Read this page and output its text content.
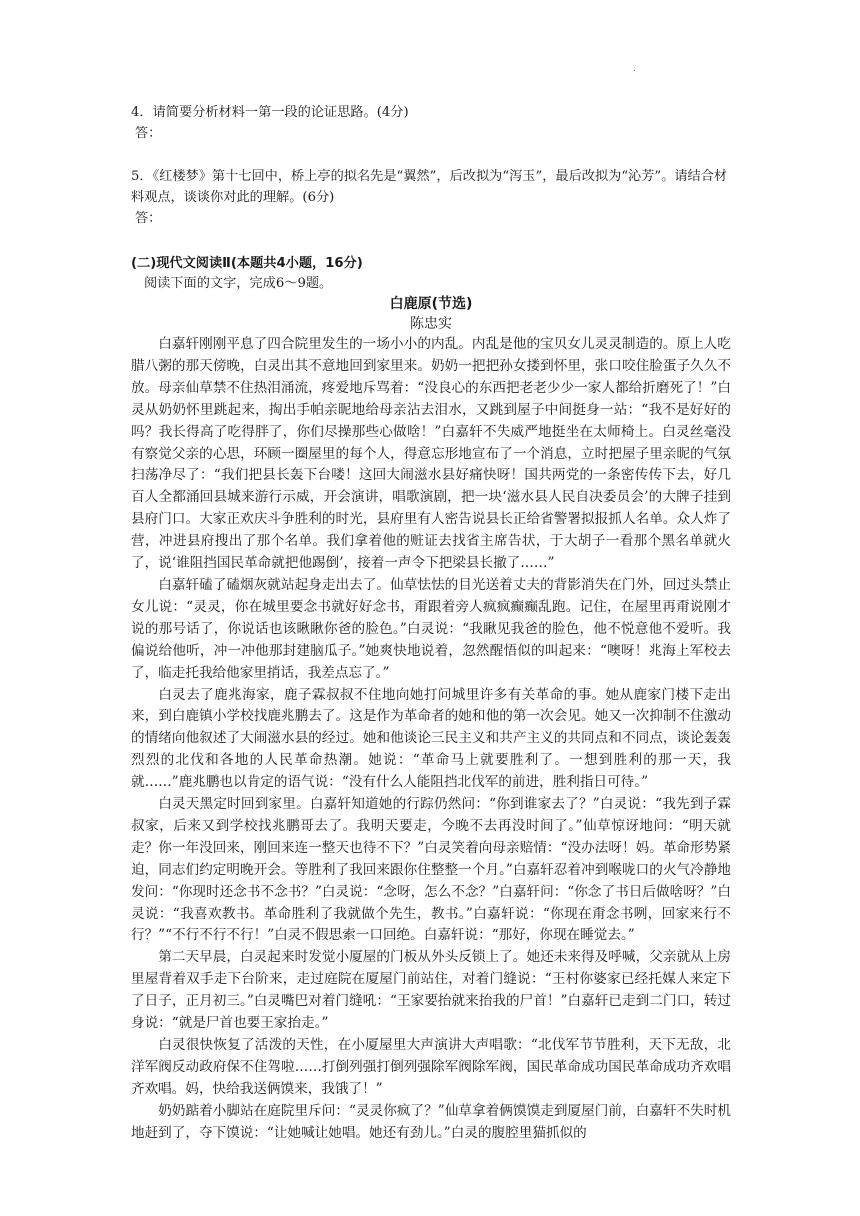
.

4．请简要分析材料一第一段的论证思路。(4分)

答：

5．《红楼梦》第十七回中，桥上亭的拟名先是“翼然”，后改拟为“泻玉”，最后改拟为“沁芳”。请结合材料观点，谈谈你对此的理解。(6分)

答：

(二)现代文阅读Ⅱ(本题共4小题，16分)

阅读下面的文字，完成6～9题。

白鹿原(节选)

陈忠实

白嘉轩刚刚平息了四合院里发生的一场小小的内乱。内乱是他的宝贝女儿灵灵制造的。原上人吃腊八粥的那天傍晚，白灵出其不意地回到家里来。奶奶一把把孙女搂到怀里，张口咬住脸蛋子久久不放。母亲仙草禁不住热泪涌流，疼爱地斥骂着：“没良心的东西把老老少少一家人都给折磨死了！”白灵从奶奶怀里跳起来，掏出手帕亲昵地给母亲沾去泪水，又跳到屋子中间挺身一站：“我不是好好的吗？我长得高了吃得胖了，你们尽操那些心做啥！”白嘉轩不失威严地挺坐在太师椅上。白灵丝毫没有察觉父亲的心思，环顾一圈屋里的每个人，得意忘形地宣布了一个消息，立时把屋子里亲昵的气氛扫荡净尽了：“我们把县长轰下台喽！这回大闹滋水县好痛快呀！国共两党的一条密传传下去，好几百人全都涌回县城来游行示威，开会演讲，唱歌演剧，把一块‘滋水县人民自决委员会’的大牌子挂到县府门口。大家正欢庆斗争胜利的时光，县府里有人密告说县长正给省警署拟报抓人名单。众人炸了营，冲进县府搜出了那个名单。我们拿着他的赃证去找省主席告状，于大胡子一看那个黑名单就火了，说‘谁阻挡国民革命就把他踢倒’，接着一声令下把梁县长撤了……”

白嘉轩磕了磕烟灰就站起身走出去了。仙草怯怯的目光送着丈夫的背影消失在门外，回过头禁止女儿说：“灵灵，你在城里要念书就好好念书，甭跟着旁人疯疯癫癫乱跑。记住，在屋里再甭说刚才说的那号话了，你说话也该瞅瞅你爸的脸色。”白灵说：“我瞅见我爸的脸色，他不悦意他不爱听。我偏说给他听，冲一冲他那封建脑瓜子。”她爽快地说着，忽然醒悟似的叫起来：“噢呀！兆海上军校去了，临走托我给他家里捎话，我差点忘了。”

白灵去了鹿兆海家，鹿子霖叔叔不住地向她打问城里许多有关革命的事。她从鹿家门楼下走出来，到白鹿镇小学校找鹿兆鹏去了。这是作为革命者的她和他的第一次会见。她又一次抑制不住激动的情绪向他叙述了大闹滋水县的经过。她和他谈论三民主义和共产主义的共同点和不同点，谈论轰轰烈烈的北伐和各地的人民革命热潮。她说：“革命马上就要胜利了。一想到胜利的那一天，我就……”鹿兆鹏也以肯定的语气说：“没有什么人能阻挡北伐军的前进，胜利指日可待。”

白灵天黑定时回到家里。白嘉轩知道她的行踪仍然问：“你到谁家去了？”白灵说：“我先到子霖叔家，后来又到学校找兆鹏哥去了。我明天要走，今晚不去再没时间了。”仙草惊讶地问：“明天就走？你一年没回来，刚回来连一整天也待不下？”白灵笑着向母亲赔情：“没办法呀！妈。革命形势紧迫，同志们约定明晚开会。等胜利了我回来跟你住整整一个月。”白嘉轩忍着冲到喉咙口的火气冷静地发问：“你现时还念书不念书？”白灵说：“念呀，怎么不念？”白嘉轩问：“你念了书日后做啥呀？”白灵说：“我喜欢教书。革命胜利了我就做个先生，教书。”白嘉轩说：“你现在甭念书咧，回家来行不行？”“不行不行不行！”白灵不假思索一口回绝。白嘉轩说：“那好，你现在睡觉去。”

第二天早晨，白灵起来时发觉小厦屋的门板从外头反锁上了。她还未来得及呼喊，父亲就从上房里屋背着双手走下台阶来，走过庭院在厦屋门前站住，对着门缝说：“王村你婆家已经托媒人来定下了日子，正月初三。”白灵嘴巴对着门缝吼：“王家要抬就来抬我的尸首！”白嘉轩已走到二门口，转过身说：“就是尸首也要王家抬走。”

白灵很快恢复了活泼的天性，在小厦屋里大声演讲大声唱歌：“北伐军节节胜利，天下无敌，北洋军阀反动政府保不住驾啦……打倒列强打倒列强除军阀除军阀，国民革命成功国民革命成功齐欢唱齐欢唱。妈，快给我送俩馍来，我饿了！”

奶奶踮着小脚站在庭院里斥问：“灵灵你疯了？”仙草拿着俩馍馍走到厦屋门前，白嘉轩不失时机地赶到了，夺下馍说：“让她喊让她唱。她还有劲儿。”白灵的腹腔里猫抓似的
